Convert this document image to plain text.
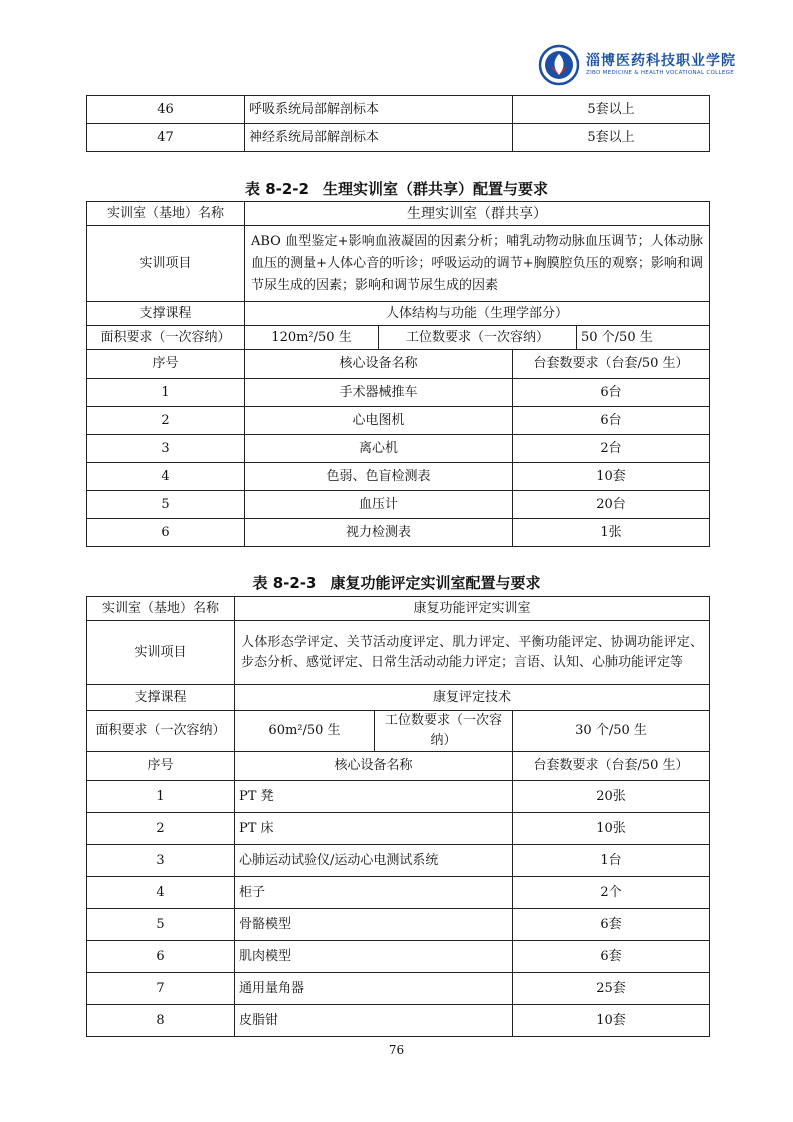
淄博医药科技职业学院
ZIBO MEDICINE & HEALTH VOCATIONAL COLLEGE
46	呼吸系统局部解剖标本	5套以上
47	神经系统局部解剖标本	5套以上
表 8-2-2 生理实训室（群共享）配置与要求
实训室（基地）名称	生理实训室（群共享）			
实训项目	ABO 血型鉴定+影响血液凝固的因素分析；哺乳动物动脉血压调节；人体动脉血压的测量+人体心音的听诊；呼吸运动的调节+胸膜腔负压的观察；影响和调节尿生成的因素；影响和调节尿生成的因素			
支撑课程	人体结构与功能（生理学部分）			
面积要求（一次容纳）	120m²/50 生	工位数要求（一次容纳）		50 个/50 生
序号	核心设备名称		台套数要求（台套/50 生）	
1	手术器械推车		6台	
2	心电图机		6台	
3	离心机		2台	
4	色弱、色盲检测表		10套	
5	血压计		20台	
6	视力检测表		1张	
表 8-2-3 康复功能评定实训室配置与要求
实训室（基地）名称	康复功能评定实训室		
实训项目	人体形态学评定、关节活动度评定、肌力评定、平衡功能评定、协调功能评定、步态分析、感觉评定、日常生活动动能力评定；言语、认知、心肺功能评定等		
支撑课程	康复评定技术		
面积要求（一次容纳）	60m²/50 生	工位数要求（一次容纳）	30 个/50 生
序号	核心设备名称		台套数要求（台套/50 生）
1	PT 凳		20张
2	PT 床		10张
3	心肺运动试验仪/运动心电测试系统		1台
4	柜子		2个
5	骨骼模型		6套
6	肌肉模型		6套
7	通用量角器		25套
8	皮脂钳		10套
76
